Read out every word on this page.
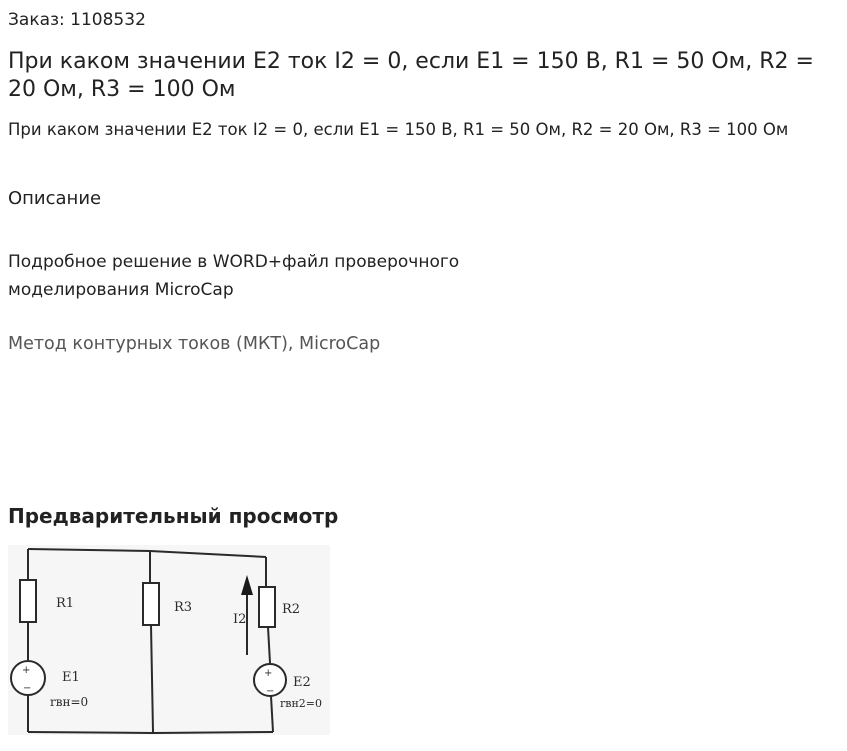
Заказ: 1108532
При каком значении E2 ток I2 = 0, если E1 = 150 В, R1 = 50 Ом, R2 = 20 Ом, R3 = 100 Ом
При каком значении E2 ток I2 = 0, если E1 = 150 В, R1 = 50 Ом, R2 = 20 Ом, R3 = 100 Ом
Описание
Подробное решение в WORD+файл проверочного моделирования MicroCap
Метод контурных токов (МКТ), MicroCap
Предварительный просмотр
+
−
+
−
R1	R3	R2
I2
E1	E2
rвн=0	rвн2=0
